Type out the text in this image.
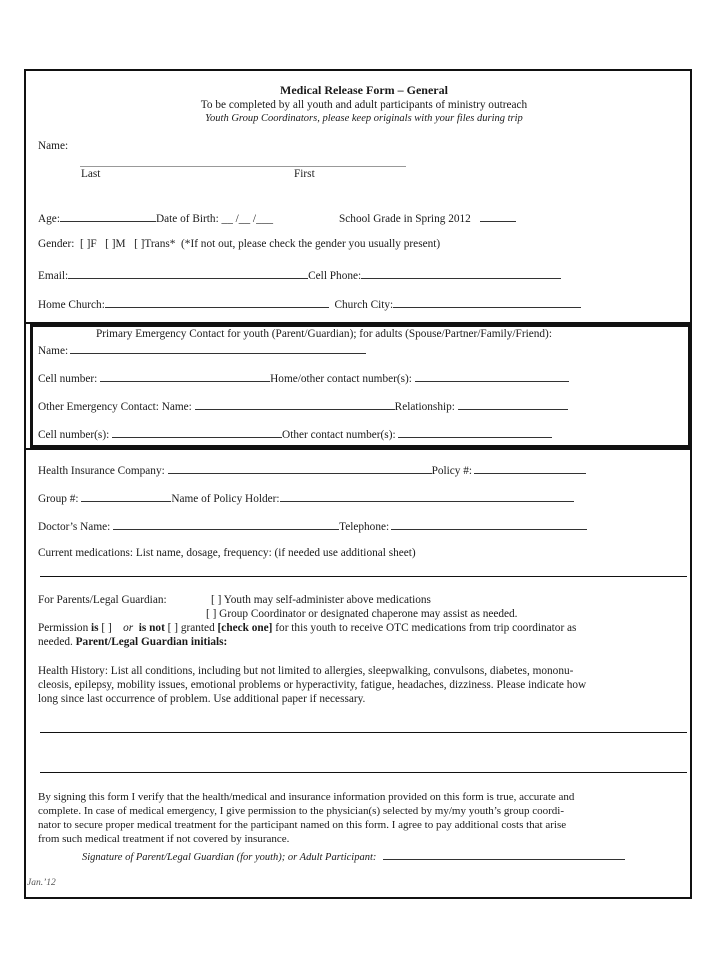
Medical Release Form – General
To be completed by all youth and adult participants of ministry outreach
Youth Group Coordinators, please keep originals with your files during trip
Name:
Last	First
Age:	Date of Birth: __ /__ /___	School Grade in Spring 2012
Gender: [ ]F [ ]M [ ]Trans* (*If not out, please check the gender you usually present)
Email:	Cell Phone:
Home Church:	Church City:
Primary Emergency Contact for youth (Parent/Guardian); for adults (Spouse/Partner/Family/Friend):
Name:
Cell number:	Home/other contact number(s):
Other Emergency Contact: Name:	Relationship:
Cell number(s):	Other contact number(s):
Health Insurance Company:	Policy #:
Group #:	Name of Policy Holder:
Doctor’s Name:	Telephone:
Current medications: List name, dosage, frequency: (if needed use additional sheet)
For Parents/Legal Guardian:	[ ] Youth may self-administer above medications
[ ] Group Coordinator or designated chaperone may assist as needed.
Permission is [ ] or is not [ ] granted [check one] for this youth to receive OTC medications from trip coordinator as
needed. Parent/Legal Guardian initials:
Health History: List all conditions, including but not limited to allergies, sleepwalking, convulsons, diabetes, mononu-
cleosis, epilepsy, mobility issues, emotional problems or hyperactivity, fatigue, headaches, dizziness. Please indicate how
long since last occurrence of problem. Use additional paper if necessary.
By signing this form I verify that the health/medical and insurance information provided on this form is true, accurate and
complete. In case of medical emergency, I give permission to the physician(s) selected by my/my youth’s group coordi-
nator to secure proper medical treatment for the participant named on this form. I agree to pay additional costs that arise
from such medical treatment if not covered by insurance.
Signature of Parent/Legal Guardian (for youth); or Adult Participant:
Jan.’12
